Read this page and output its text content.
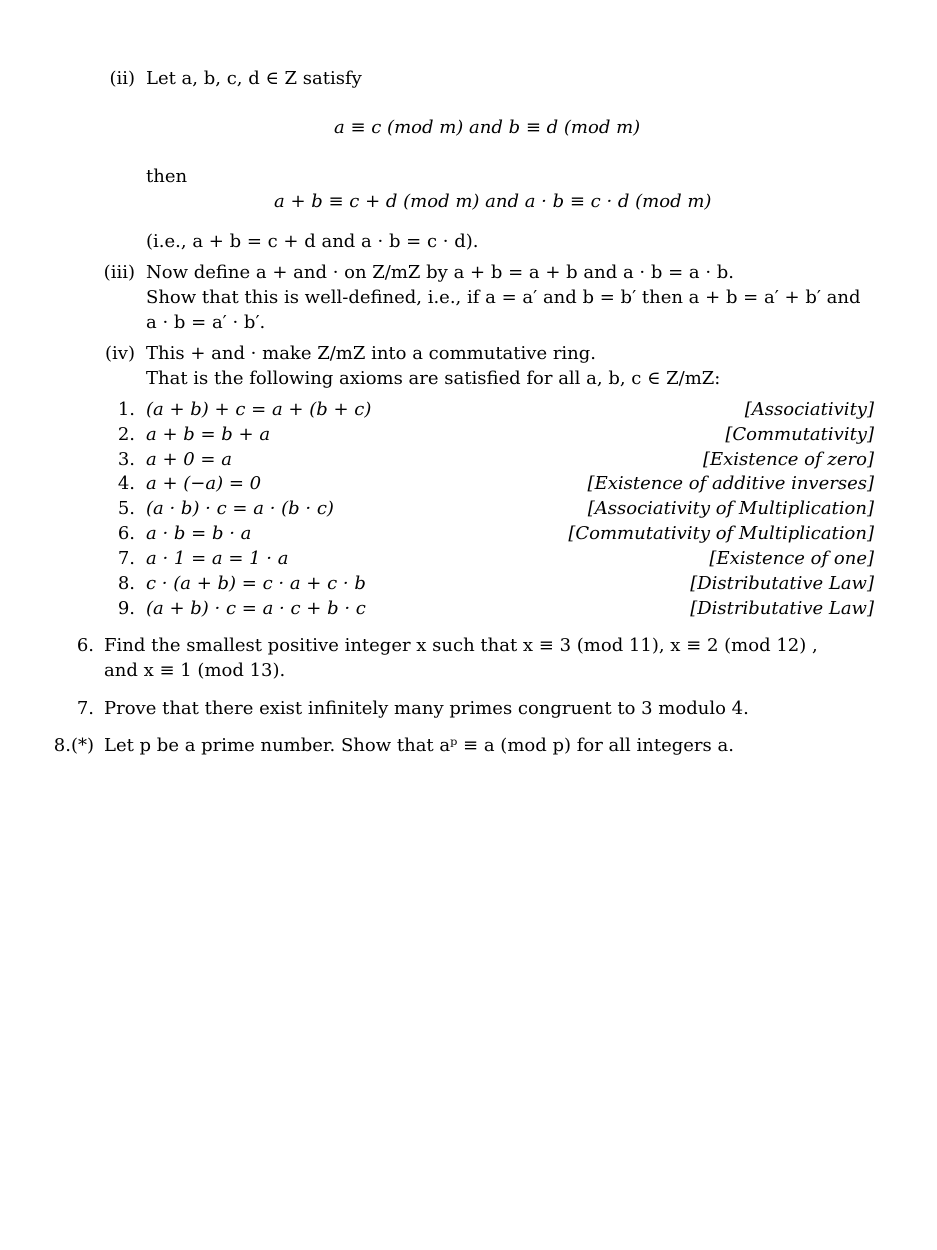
(ii) Let a, b, c, d ∈ Z satisfy
a ≡ c (mod m) and b ≡ d (mod m)
then
a + b ≡ c + d (mod m) and a · b ≡ c · d (mod m)
(i.e., a + b = c + d and a · b = c · d).
(iii) Now define a + and · on Z/mZ by a + b = a + b and a · b = a · b.
Show that this is well-defined, i.e., if a = a′ and b = b′ then a + b = a′ + b′ and
a · b = a′ · b′.
(iv) This + and · make Z/mZ into a commutative ring.
That is the following axioms are satisfied for all a, b, c ∈ Z/mZ:
1. (a + b) + c = a + (b + c)	[Associativity]
2. a + b = b + a	[Commutativity]
3. a + 0 = a	[Existence of zero]
4. a + (−a) = 0	[Existence of additive inverses]
5. (a · b) · c = a · (b · c)	[Associativity of Multiplication]
6. a · b = b · a	[Commutativity of Multiplication]
7. a · 1 = a = 1 · a	[Existence of one]
8. c · (a + b) = c · a + c · b	[Distributative Law]
9. (a + b) · c = a · c + b · c	[Distributative Law]
6. Find the smallest positive integer x such that x ≡ 3 (mod 11), x ≡ 2 (mod 12) ,
and x ≡ 1 (mod 13).
7. Prove that there exist infinitely many primes congruent to 3 modulo 4.
8.(*) Let p be a prime number. Show that aᵖ ≡ a (mod p) for all integers a.
